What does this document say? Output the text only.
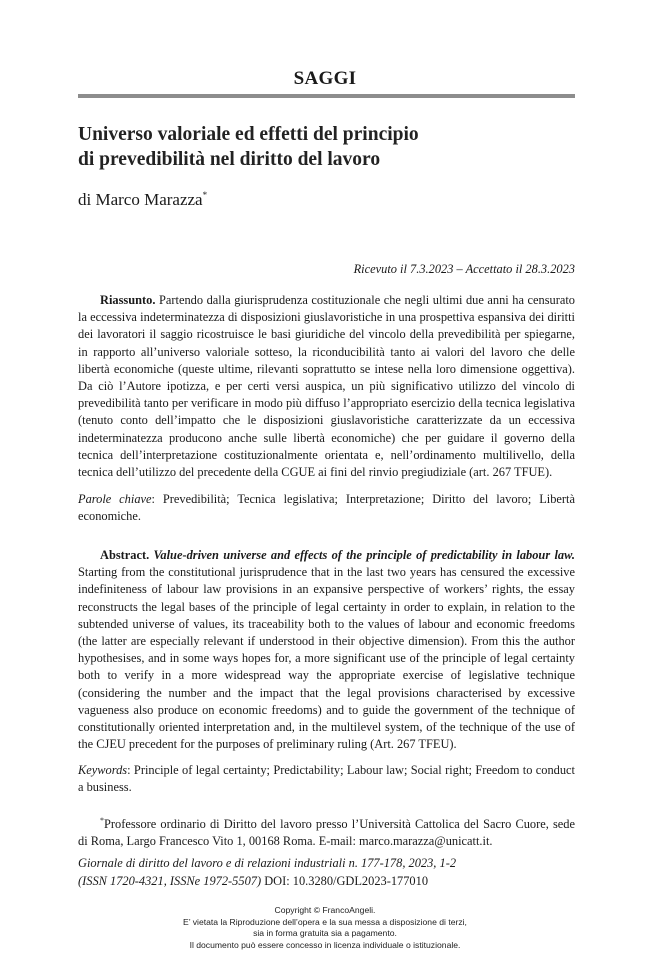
SAGGI
Universo valoriale ed effetti del principio
di prevedibilità nel diritto del lavoro
di Marco Marazza*
Ricevuto il 7.3.2023 – Accettato il 28.3.2023
Riassunto. Partendo dalla giurisprudenza costituzionale che negli ultimi due anni ha censurato la eccessiva indeterminatezza di disposizioni giuslavoristiche in una prospettiva espansiva dei diritti dei lavoratori il saggio ricostruisce le basi giuridiche del vincolo della prevedibilità per spiegarne, in rapporto all’universo valoriale sotteso, la riconducibilità tanto ai valori del lavoro che delle libertà economiche (queste ultime, rilevanti soprattutto se intese nella loro dimensione oggettiva). Da ciò l’Autore ipotizza, e per certi versi auspica, un più significativo utilizzo del vincolo di prevedibilità tanto per verificare in modo più diffuso l’appropriato esercizio della tecnica legislativa (tenuto conto dell’impatto che le disposizioni giuslavoristiche caratterizzate da un eccessiva indeterminatezza producono anche sulle libertà economiche) che per guidare il governo della tecnica dell’interpretazione costituzionalmente orientata e, nell’ordinamento multilivello, della tecnica dell’utilizzo del precedente della CGUE ai fini del rinvio pregiudiziale (art. 267 TFUE).
Parole chiave: Prevedibilità; Tecnica legislativa; Interpretazione; Diritto del lavoro; Libertà economiche.
Abstract. Value-driven universe and effects of the principle of predictability in labour law. Starting from the constitutional jurisprudence that in the last two years has censured the excessive indefiniteness of labour law provisions in an expansive perspective of workers’ rights, the essay reconstructs the legal bases of the principle of legal certainty in order to explain, in relation to the subtended universe of values, its traceability both to the values of labour and economic freedoms (the latter are especially relevant if understood in their objective dimension). From this the author hypothesises, and in some ways hopes for, a more significant use of the principle of legal certainty both to verify in a more widespread way the appropriate exercise of legislative technique (considering the number and the impact that the legal provisions characterised by excessive vagueness also produce on economic freedoms) and to guide the government of the technique of constitutionally oriented interpretation and, in the multilevel system, of the technique of the use of the CJEU precedent for the purposes of preliminary ruling (Art. 267 TFEU).
Keywords: Principle of legal certainty; Predictability; Labour law; Social right; Freedom to conduct a business.
*Professore ordinario di Diritto del lavoro presso l’Università Cattolica del Sacro Cuore, sede di Roma, Largo Francesco Vito 1, 00168 Roma. E-mail: marco.marazza@unicatt.it.
Giornale di diritto del lavoro e di relazioni industriali n. 177-178, 2023, 1-2
(ISSN 1720-4321, ISSNe 1972-5507) DOI: 10.3280/GDL2023-177010
Copyright © FrancoAngeli.
E’ vietata la Riproduzione dell’opera e la sua messa a disposizione di terzi,
sia in forma gratuita sia a pagamento.
Il documento può essere concesso in licenza individuale o istituzionale.
